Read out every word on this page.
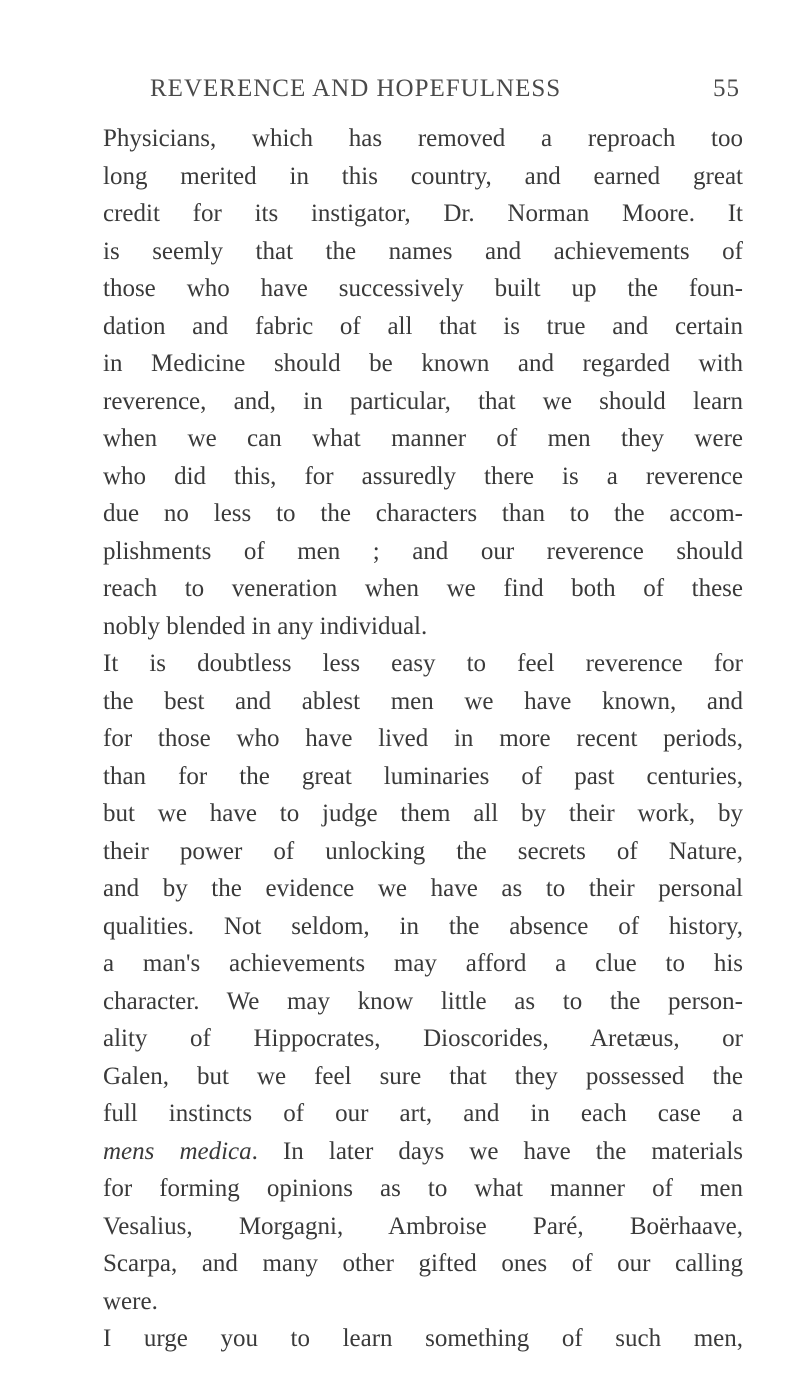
REVERENCE AND HOPEFULNESS	55
Physicians, which has removed a reproach too
long merited in this country, and earned great
credit for its instigator, Dr. Norman Moore. It
is seemly that the names and achievements of
those who have successively built up the foun-
dation and fabric of all that is true and certain
in Medicine should be known and regarded with
reverence, and, in particular, that we should learn
when we can what manner of men they were
who did this, for assuredly there is a reverence
due no less to the characters than to the accom-
plishments of men ; and our reverence should
reach to veneration when we find both of these
nobly blended in any individual.
It is doubtless less easy to feel reverence for
the best and ablest men we have known, and
for those who have lived in more recent periods,
than for the great luminaries of past centuries,
but we have to judge them all by their work, by
their power of unlocking the secrets of Nature,
and by the evidence we have as to their personal
qualities. Not seldom, in the absence of history,
a man's achievements may afford a clue to his
character. We may know little as to the person-
ality of Hippocrates, Dioscorides, Aretæus, or
Galen, but we feel sure that they possessed the
full instincts of our art, and in each case a
mens medica. In later days we have the materials
for forming opinions as to what manner of men
Vesalius, Morgagni, Ambroise Paré, Boërhaave,
Scarpa, and many other gifted ones of our calling
were.
I urge you to learn something of such men,
